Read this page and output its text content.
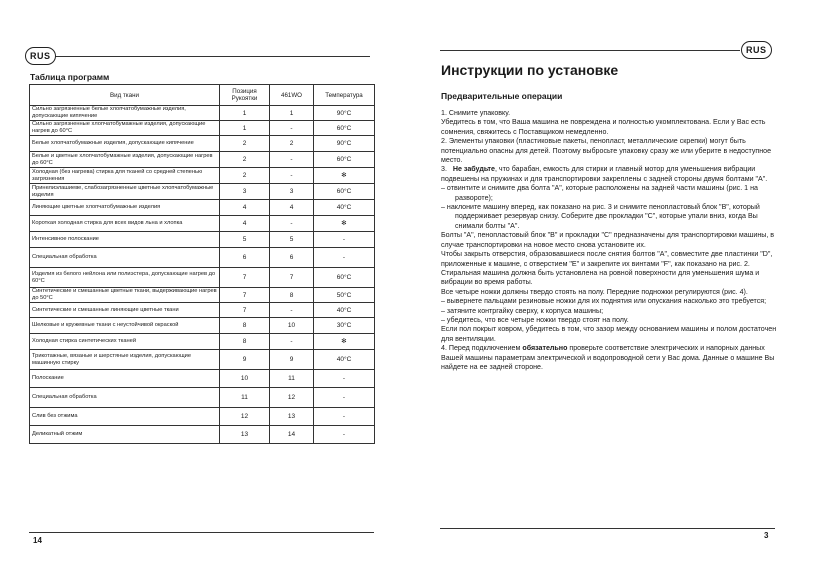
RUS
Таблица программ
Вид ткани	Позиция Рукоятки	461WO	Температура
Сильно загрязненные белые хлопчатобумажные изделия, допускающие кипячение	1	1	90°C
Сильно загрязненные хлопчатобумажные изделия, допускающие нагрев до 60°C	1	-	60°C
Белые хлопчатобумажные изделия, допускающие кипячение	2	2	90°C
Белые и цветные хлопчатобумажные изделия, допускающие нагрев до 60°C	2	-	60°C
Холодная (без нагрева) стирка для тканей со средней степенью загрязнения	2	-	✻
Принелиэлашиеве, слабозагрязненные цветные хлопчатобумажные изделия	3	3	60°C
Линяющие цветные хлопчатобумажные изделия	4	4	40°C
Короткая холодная стирка для всех видов льна и хлопка	4	-	✻
Интенсивное полоскание	5	5	-
Специальная обработка	6	6	-
Изделия из белого нейлона или полиэстера, допускающие нагрев до 60°C	7	7	60°C
Синтетические и смешанные цветные ткани, выдерживающие нагрев до 50°C	7	8	50°C
Синтетические и смешанные линяющие цветные ткани	7	-	40°C
Шелковые и кружевные ткани с неустойчивой окраской	8	10	30°C
Холодная стирка синтетических тканей	8	-	✻
Трикотажные, вязаные и шерстяные изделия, допускающие машинную стирку	9	9	40°C
Полоскание	10	11	-
Специальная обработка	11	12	-
Слив без отжима	12	13	-
Деликатный отжим	13	14	-
14
RUS
Инструкции по установке
Предварительные операции

1. Снимите упаковку.

Убедитесь в том, что Ваша машина не повреждена и полностью укомплектована. Если у Вас есть сомнения, свяжитесь с Поставщиком немедленно.

2. Элементы упаковки (пластиковые пакеты, пенопласт, металлические скрепки) могут быть потенциально опасны для детей. Поэтому выбросьте упаковку сразу же или уберите в недоступное место.

3. Не забудьте, что барабан, емкость для стирки и главный мотор для уменьшения вибрации подвешены на пружинах и для транспортировки закреплены с задней стороны двумя болтами "А".

– отвинтите и снимите два болта "А", которые расположены на задней части машины (рис. 1 на развороте);

– наклоните машину вперед, как показано на рис. 3 и снимите пенопластовый блок "В", который поддерживает резервуар снизу. Соберите две прокладки "С", которые упали вниз, когда Вы снимали болты "А".

Болты "А", пенопластовый блок "В" и прокладки "С" предназначены для транспортировки машины, в случае транспортировки на новое место снова установите их.

Чтобы закрыть отверстия, образовавшиеся после снятия болтов "А", совместите две пластинки "D", приложенные к машине, с отверстием "Е" и закрепите их винтами "F", как показано на рис. 2.

Стиральная машина должна быть установлена на ровной поверхности для уменьшения шума и вибрации во время работы.

Все четыре ножки должны твердо стоять на полу. Передние подножки регулируются (рис. 4).

– вывернете пальцами резиновые ножки для их поднятия или опускания насколько это требуется;

– затяните контргайку сверху, к корпуса машины;

– убедитесь, что все четыре ножки твердо стоят на полу.

Если пол покрыт ковром, убедитесь в том, что зазор между основанием машины и полом достаточен для вентиляции.

4. Перед подключением обязательно проверьте соответствие электрических и напорных данных Вашей машины параметрам электрической и водопроводной сети у Вас дома. Данные о машине Вы найдете на ее задней стороне.

3
